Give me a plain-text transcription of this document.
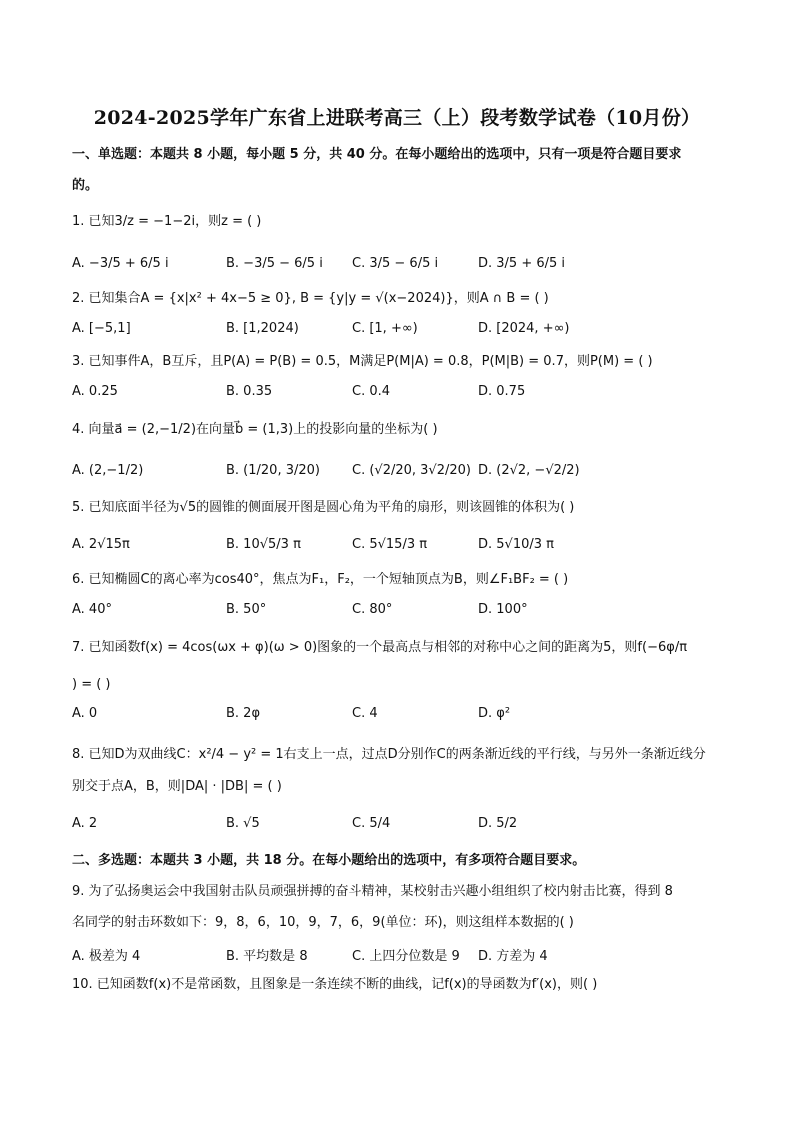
2024-2025学年广东省上进联考高三（上）段考数学试卷（10月份）
一、单选题：本题共 8 小题，每小题 5 分，共 40 分。在每小题给出的选项中，只有一项是符合题目要求
的。
1. 已知3/z = −1−2i，则z = ( )
A. −3/5 + 6/5 i	B. −3/5 − 6/5 i C. 3/5 − 6/5 i	D. 3/5 + 6/5 i
2. 已知集合A = {x|x² + 4x−5 ≥ 0}, B = {y|y = √(x−2024)}，则A ∩ B = ( )
A. [−5,1]	B. [1,2024)	C. [1, +∞)	D. [2024, +∞)
3. 已知事件A，B互斥，且P(A) = P(B) = 0.5，M满足P(M|A) = 0.8，P(M|B) = 0.7，则P(M) = ( )
A. 0.25	B. 0.35	C. 0.4	D. 0.75
4. 向量a⃗ = (2,−1/2)在向量b⃗ = (1,3)上的投影向量的坐标为( )
A. (2,−1/2)	B. (1/20, 3/20) C. (√2/20, 3√2/20) D. (2√2, −√2/2)
5. 已知底面半径为√5的圆锥的侧面展开图是圆心角为平角的扇形，则该圆锥的体积为( )
A. 2√15π	B. 10√5/3 π	C. 5√15/3 π	D. 5√10/3 π
6. 已知椭圆C的离心率为cos40°，焦点为F₁，F₂，一个短轴顶点为B，则∠F₁BF₂ = ( )
A. 40°	B. 50°	C. 80°	D. 100°
7. 已知函数f(x) = 4cos(ωx + φ)(ω > 0)图象的一个最高点与相邻的对称中心之间的距离为5，则f(−6φ/π
) = ( )
A. 0	B. 2φ	C. 4	D. φ²
8. 已知D为双曲线C：x²/4 − y² = 1右支上一点，过点D分别作C的两条渐近线的平行线，与另外一条渐近线分
别交于点A，B，则|DA| · |DB| = ( )
A. 2	B. √5	C. 5/4	D. 5/2
二、多选题：本题共 3 小题，共 18 分。在每小题给出的选项中，有多项符合题目要求。
9. 为了弘扬奥运会中我国射击队员顽强拼搏的奋斗精神，某校射击兴趣小组组织了校内射击比赛，得到 8
名同学的射击环数如下：9，8，6，10，9，7，6，9(单位：环)，则这组样本数据的( )
A. 极差为 4	B. 平均数是 8	C. 上四分位数是 9 D. 方差为 4
10. 已知函数f(x)不是常函数，且图象是一条连续不断的曲线，记f(x)的导函数为f′(x)，则( )
